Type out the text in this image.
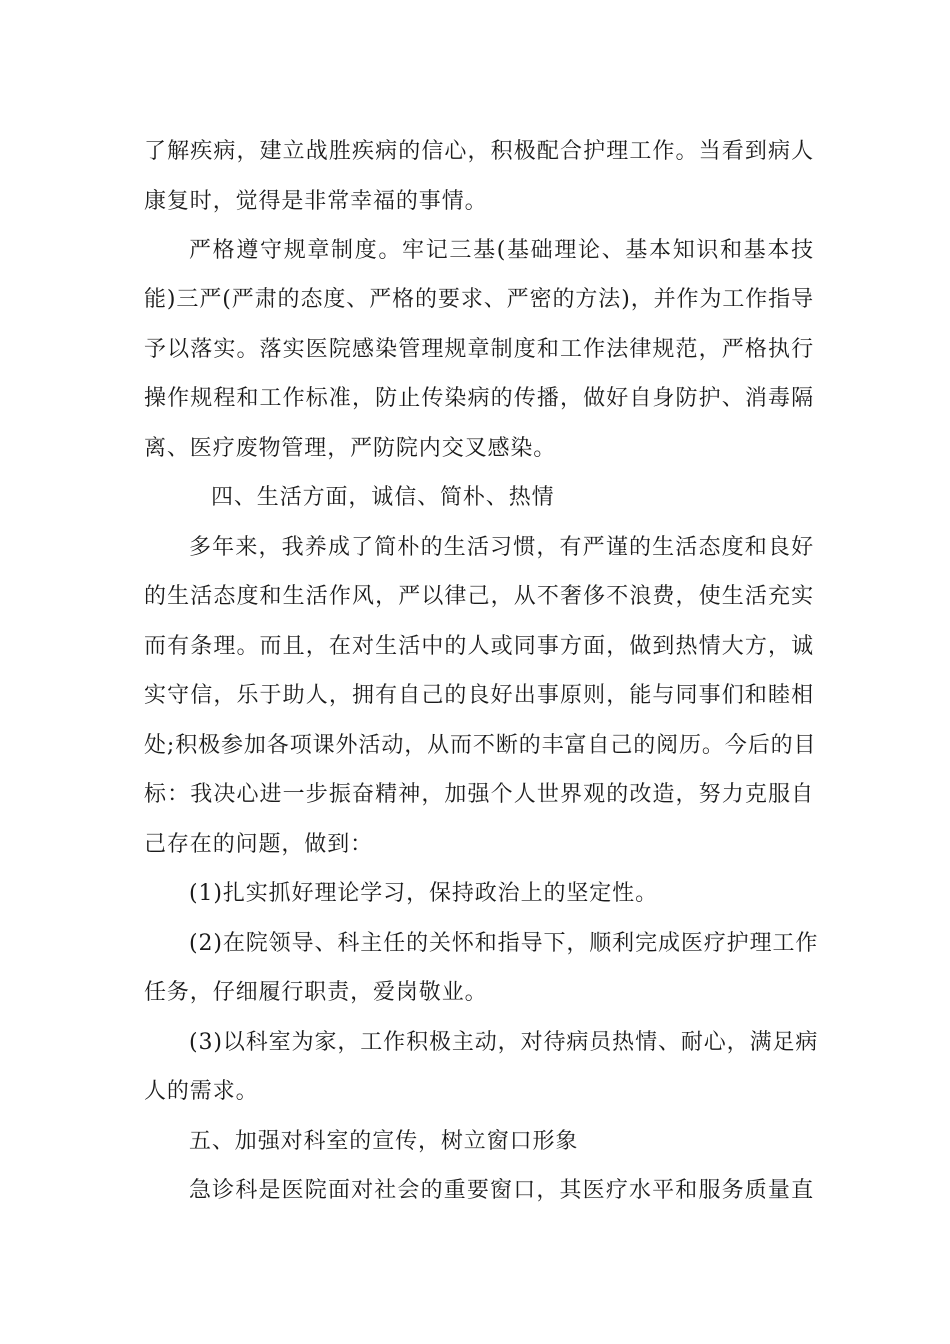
了解疾病，建立战胜疾病的信心，积极配合护理工作。当看到病人
康复时，觉得是非常幸福的事情。
严格遵守规章制度。牢记三基(基础理论、基本知识和基本技
能)三严(严肃的态度、严格的要求、严密的方法)，并作为工作指导
予以落实。落实医院感染管理规章制度和工作法律规范，严格执行
操作规程和工作标准，防止传染病的传播，做好自身防护、消毒隔
离、医疗废物管理，严防院内交叉感染。
四、生活方面，诚信、简朴、热情
多年来，我养成了简朴的生活习惯，有严谨的生活态度和良好
的生活态度和生活作风，严以律己，从不奢侈不浪费，使生活充实
而有条理。而且，在对生活中的人或同事方面，做到热情大方，诚
实守信，乐于助人，拥有自己的良好出事原则，能与同事们和睦相
处;积极参加各项课外活动，从而不断的丰富自己的阅历。今后的目
标：我决心进一步振奋精神，加强个人世界观的改造，努力克服自
己存在的问题，做到：
(1)扎实抓好理论学习，保持政治上的坚定性。
(2)在院领导、科主任的关怀和指导下，顺利完成医疗护理工作
任务，仔细履行职责，爱岗敬业。
(3)以科室为家，工作积极主动，对待病员热情、耐心，满足病
人的需求。
五、加强对科室的宣传，树立窗口形象
急诊科是医院面对社会的重要窗口，其医疗水平和服务质量直
